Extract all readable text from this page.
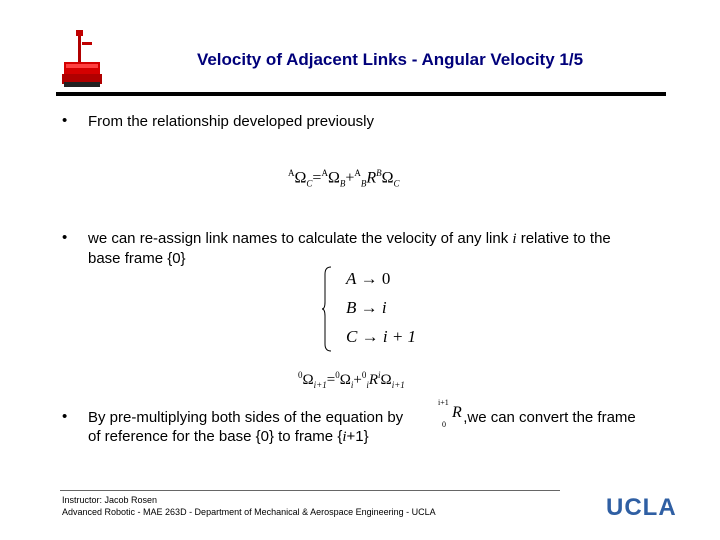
Velocity of Adjacent Links - Angular Velocity 1/5
• From the relationship developed previously
$^A\Omega_C=^A\Omega_B+^A_BR^B\Omega_C$
• we can re-assign link names to calculate the velocity of any link i relative to the
base frame {0}
A → 0
B → i
C → i + 1
$^0\Omega_{i+1}=^0\Omega_i+^0_iR^i\Omega_{i+1}$
• By pre-multiplying both sides of the equation by	,we can convert the frame
of reference for the base {0} to frame {i+1}
i+1
0
R
Instructor: Jacob Rosen
Advanced Robotic - MAE 263D - Department of Mechanical & Aerospace Engineering - UCLA	UCLA
